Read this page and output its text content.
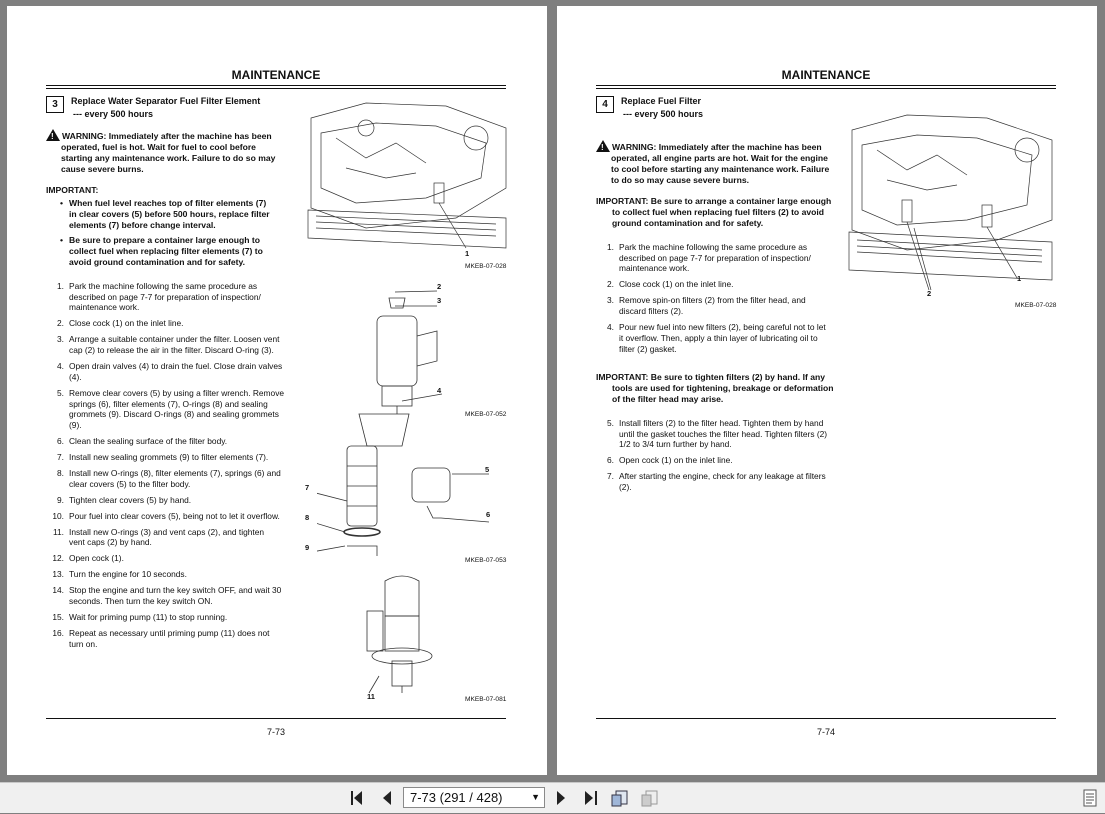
MAINTENANCE
3	Replace Water Separator Fuel Filter Element
--- every 500 hours
!WARNING: Immediately after the machine has been
operated, fuel is hot. Wait for fuel to cool before
starting any maintenance work. Failure to do so may
cause severe burns.
IMPORTANT:
• When fuel level reaches top of filter elements (7)
in clear covers (5) before 500 hours, replace filter
elements (7) before change interval.
• Be sure to prepare a container large enough to
collect fuel when replacing filter elements (7) to
avoid ground contamination and for safety.
1. Park the machine following the same procedure as
described on page 7-7 for preparation of inspection/
maintenance work.
2. Close cock (1) on the inlet line.
3. Arrange a suitable container under the filter. Loosen vent
cap (2) to release the air in the filter. Discard O-ring (3).
4. Open drain valves (4) to drain the fuel. Close drain valves
(4).
5. Remove clear covers (5) by using a filter wrench. Remove
springs (6), filter elements (7), O-rings (8) and sealing
grommets (9). Discard O-rings (8) and sealing grommets
(9).
6. Clean the sealing surface of the filter body.
7. Install new sealing grommets (9) to filter elements (7).
8. Install new O-rings (8), filter elements (7), springs (6) and
clear covers (5) to the filter body.
9. Tighten clear covers (5) by hand.
10. Pour fuel into clear covers (5), being not to let it overflow.
11. Install new O-rings (3) and vent caps (2), and tighten
vent caps (2) by hand.
12. Open cock (1).
13. Turn the engine for 10 seconds.
14. Stop the engine and turn the key switch OFF, and wait 30
seconds. Then turn the key switch ON.
15. Wait for priming pump (11) to stop running.
16. Repeat as necessary until priming pump (11) does not
turn on.
1
MKEB-07-028
2
3
4
MKEB-07-052
7
8
9
5
6
MKEB-07-053
11	MKEB-07-081
7-73
MAINTENANCE
4	Replace Fuel Filter
--- every 500 hours
!WARNING: Immediately after the machine has been
operated, all engine parts are hot. Wait for the engine
to cool before starting any maintenance work. Failure
to do so may cause severe burns.
IMPORTANT: Be sure to arrange a container large enough
to collect fuel when replacing fuel filters (2) to avoid
ground contamination and for safety.
1. Park the machine following the same procedure as
described on page 7-7 for preparation of inspection/
maintenance work.
2. Close cock (1) on the inlet line.
3. Remove spin-on filters (2) from the filter head, and
discard filters (2).
4. Pour new fuel into new filters (2), being careful not to let
it overflow. Then, apply a thin layer of lubricating oil to
filter (2) gasket.
IMPORTANT: Be sure to tighten filters (2) by hand. If any
tools are used for tightening, breakage or deformation
of the filter head may arise.
5. Install filters (2) to the filter head. Tighten them by hand
until the gasket touches the filter head. Tighten filters (2)
1/2 to 3/4 turn further by hand.
6. Open cock (1) on the inlet line.
7. After starting the engine, check for any leakage at filters
(2).
1
2
MKEB-07-028
7-74
7-73 (291 / 428)	▼
